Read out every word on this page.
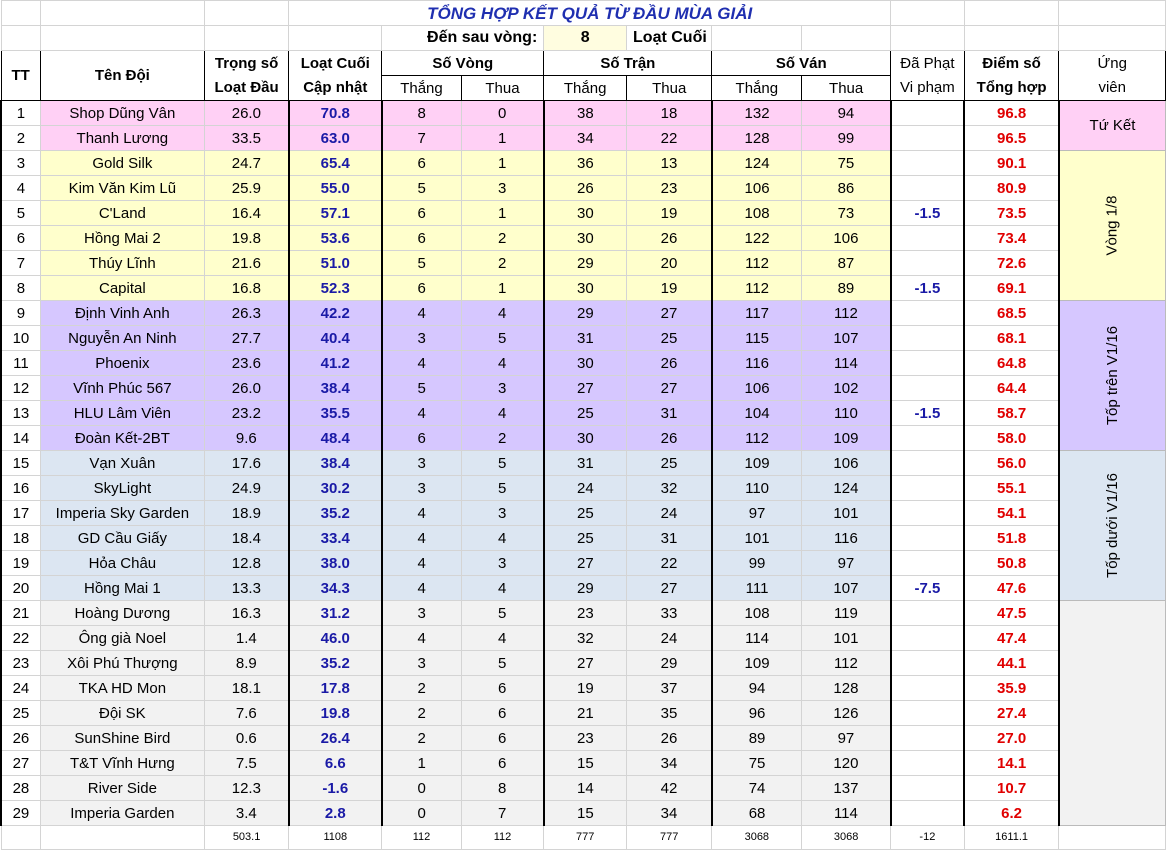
			TỔNG HỢP KẾT QUẢ TỪ ĐẦU MÙA GIẢI									
				Đến sau vòng:		8	Loạt Cuối					
TT	Tên Đội	Trọng số	Loạt Cuối	Số Vòng		Số Trận		Số Ván		Đã Phạt	Điểm số	Ứng
		Loạt Đầu	Cập nhật	Thắng	Thua	Thắng	Thua	Thắng	Thua	Vi phạm	Tổng hợp	viên
1	Shop Dũng Vân	26.0	70.8	8	0	38	18	132	94		96.8	Tứ Kết
2	Thanh Lương	33.5	63.0	7	1	34	22	128	99		96.5	
3	Gold Silk	24.7	65.4	6	1	36	13	124	75		90.1	Vòng 1/8
4	Kim Văn Kim Lũ	25.9	55.0	5	3	26	23	106	86		80.9	
5	C'Land	16.4	57.1	6	1	30	19	108	73	-1.5	73.5	
6	Hồng Mai 2	19.8	53.6	6	2	30	26	122	106		73.4	
7	Thúy Lĩnh	21.6	51.0	5	2	29	20	112	87		72.6	
8	Capital	16.8	52.3	6	1	30	19	112	89	-1.5	69.1	
9	Định Vinh Anh	26.3	42.2	4	4	29	27	117	112		68.5	Tốp trên V1/16
10	Nguyễn An Ninh	27.7	40.4	3	5	31	25	115	107		68.1	
11	Phoenix	23.6	41.2	4	4	30	26	116	114		64.8	
12	Vĩnh Phúc 567	26.0	38.4	5	3	27	27	106	102		64.4	
13	HLU Lâm Viên	23.2	35.5	4	4	25	31	104	110	-1.5	58.7	
14	Đoàn Kết-2BT	9.6	48.4	6	2	30	26	112	109		58.0	
15	Vạn Xuân	17.6	38.4	3	5	31	25	109	106		56.0	Tốp dưới V1/16
16	SkyLight	24.9	30.2	3	5	24	32	110	124		55.1	
17	Imperia Sky Garden	18.9	35.2	4	3	25	24	97	101		54.1	
18	GD Cầu Giấy	18.4	33.4	4	4	25	31	101	116		51.8	
19	Hỏa Châu	12.8	38.0	4	3	27	22	99	97		50.8	
20	Hồng Mai 1	13.3	34.3	4	4	29	27	111	107	-7.5	47.6	
21	Hoàng Dương	16.3	31.2	3	5	23	33	108	119		47.5	
22	Ông già Noel	1.4	46.0	4	4	32	24	114	101		47.4	
23	Xôi Phú Thượng	8.9	35.2	3	5	27	29	109	112		44.1	
24	TKA HD Mon	18.1	17.8	2	6	19	37	94	128		35.9	
25	Đội SK	7.6	19.8	2	6	21	35	96	126		27.4	
26	SunShine Bird	0.6	26.4	2	6	23	26	89	97		27.0	
27	T&T Vĩnh Hưng	7.5	6.6	1	6	15	34	75	120		14.1	
28	River Side	12.3	-1.6	0	8	14	42	74	137		10.7	
29	Imperia Garden	3.4	2.8	0	7	15	34	68	114		6.2	
		503.1	1108	112	112	777	777	3068	3068	-12	1611.1	
